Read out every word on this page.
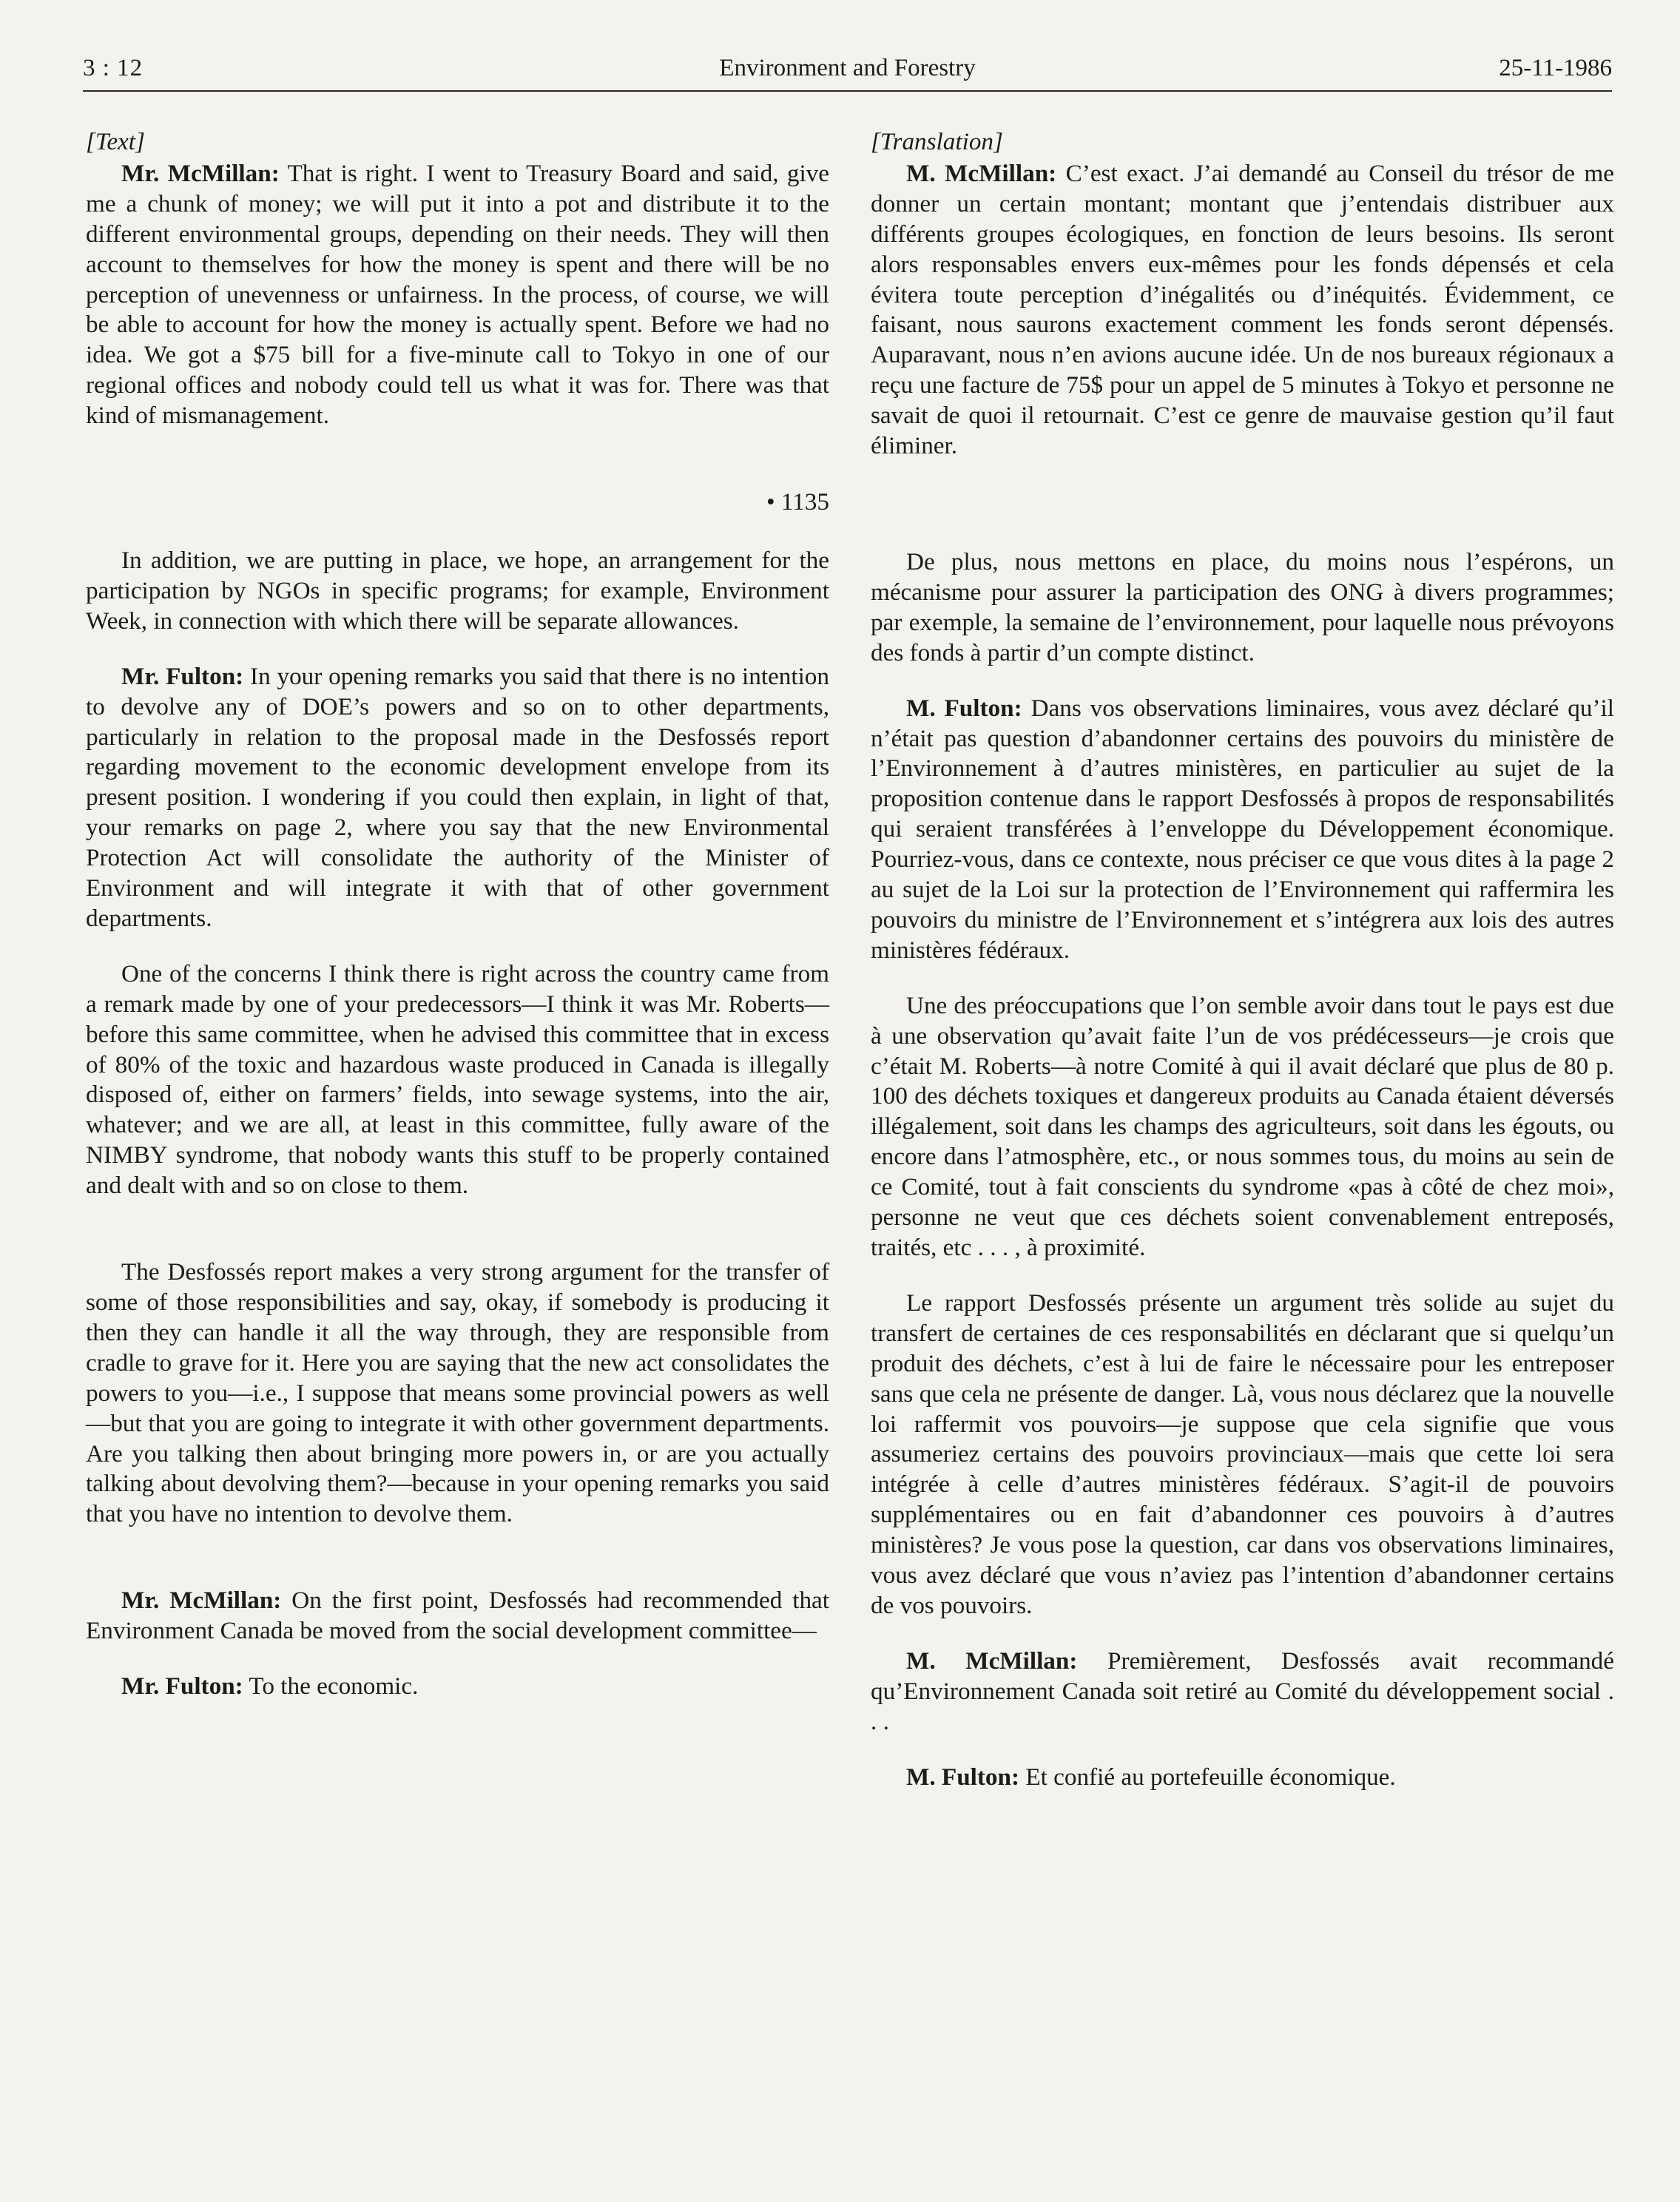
3 : 12	Environment and Forestry	25-11-1986

[Text]

Mr. McMillan: That is right. I went to Treasury Board and said, give me a chunk of money; we will put it into a pot and distribute it to the different environmental groups, depending on their needs. They will then account to themselves for how the money is spent and there will be no perception of unevenness or unfairness. In the process, of course, we will be able to account for how the money is actually spent. Before we had no idea. We got a $75 bill for a five-minute call to Tokyo in one of our regional offices and nobody could tell us what it was for. There was that kind of mismanagement.

• 1135

In addition, we are putting in place, we hope, an arrangement for the participation by NGOs in specific programs; for example, Environment Week, in connection with which there will be separate allowances.

Mr. Fulton: In your opening remarks you said that there is no intention to devolve any of DOE’s powers and so on to other departments, particularly in relation to the proposal made in the Desfossés report regarding movement to the economic development envelope from its present position. I wondering if you could then explain, in light of that, your remarks on page 2, where you say that the new Environmental Protection Act will consolidate the authority of the Minister of Environment and will integrate it with that of other government departments.

One of the concerns I think there is right across the country came from a remark made by one of your predecessors—I think it was Mr. Roberts—before this same committee, when he advised this committee that in excess of 80% of the toxic and hazardous waste produced in Canada is illegally disposed of, either on farmers’ fields, into sewage systems, into the air, whatever; and we are all, at least in this committee, fully aware of the NIMBY syndrome, that nobody wants this stuff to be properly contained and dealt with and so on close to them.

The Desfossés report makes a very strong argument for the transfer of some of those responsibilities and say, okay, if somebody is producing it then they can handle it all the way through, they are responsible from cradle to grave for it. Here you are saying that the new act consolidates the powers to you—i.e., I suppose that means some provincial powers as well—but that you are going to integrate it with other government departments. Are you talking then about bringing more powers in, or are you actually talking about devolving them?—because in your opening remarks you said that you have no intention to devolve them.

Mr. McMillan: On the first point, Desfossés had recommended that Environment Canada be moved from the social development committee—

Mr. Fulton: To the economic.

[Translation]

M. McMillan: C’est exact. J’ai demandé au Conseil du trésor de me donner un certain montant; montant que j’entendais distribuer aux différents groupes écologiques, en fonction de leurs besoins. Ils seront alors responsables envers eux-mêmes pour les fonds dépensés et cela évitera toute perception d’inégalités ou d’inéquités. Évidemment, ce faisant, nous saurons exactement comment les fonds seront dépensés. Auparavant, nous n’en avions aucune idée. Un de nos bureaux régionaux a reçu une facture de 75$ pour un appel de 5 minutes à Tokyo et personne ne savait de quoi il retournait. C’est ce genre de mauvaise gestion qu’il faut éliminer.

De plus, nous mettons en place, du moins nous l’espérons, un mécanisme pour assurer la participation des ONG à divers programmes; par exemple, la semaine de l’environnement, pour laquelle nous prévoyons des fonds à partir d’un compte distinct.

M. Fulton: Dans vos observations liminaires, vous avez déclaré qu’il n’était pas question d’abandonner certains des pouvoirs du ministère de l’Environnement à d’autres ministères, en particulier au sujet de la proposition contenue dans le rapport Desfossés à propos de responsabilités qui seraient transférées à l’enveloppe du Développement économique. Pourriez-vous, dans ce contexte, nous préciser ce que vous dites à la page 2 au sujet de la Loi sur la protection de l’Environnement qui raffermira les pouvoirs du ministre de l’Environnement et s’intégrera aux lois des autres ministères fédéraux.

Une des préoccupations que l’on semble avoir dans tout le pays est due à une observation qu’avait faite l’un de vos prédécesseurs—je crois que c’était M. Roberts—à notre Comité à qui il avait déclaré que plus de 80 p. 100 des déchets toxiques et dangereux produits au Canada étaient déversés illégalement, soit dans les champs des agriculteurs, soit dans les égouts, ou encore dans l’atmosphère, etc., or nous sommes tous, du moins au sein de ce Comité, tout à fait conscients du syndrome «pas à côté de chez moi», personne ne veut que ces déchets soient convenablement entreposés, traités, etc . . . , à proximité.

Le rapport Desfossés présente un argument très solide au sujet du transfert de certaines de ces responsabilités en déclarant que si quelqu’un produit des déchets, c’est à lui de faire le nécessaire pour les entreposer sans que cela ne présente de danger. Là, vous nous déclarez que la nouvelle loi raffermit vos pouvoirs—je suppose que cela signifie que vous assumeriez certains des pouvoirs provinciaux—mais que cette loi sera intégrée à celle d’autres ministères fédéraux. S’agit-il de pouvoirs supplémentaires ou en fait d’abandonner ces pouvoirs à d’autres ministères? Je vous pose la question, car dans vos observations liminaires, vous avez déclaré que vous n’aviez pas l’intention d’abandonner certains de vos pouvoirs.

M. McMillan: Premièrement, Desfossés avait recommandé qu’Environnement Canada soit retiré au Comité du développement social . . .

M. Fulton: Et confié au portefeuille économique.
